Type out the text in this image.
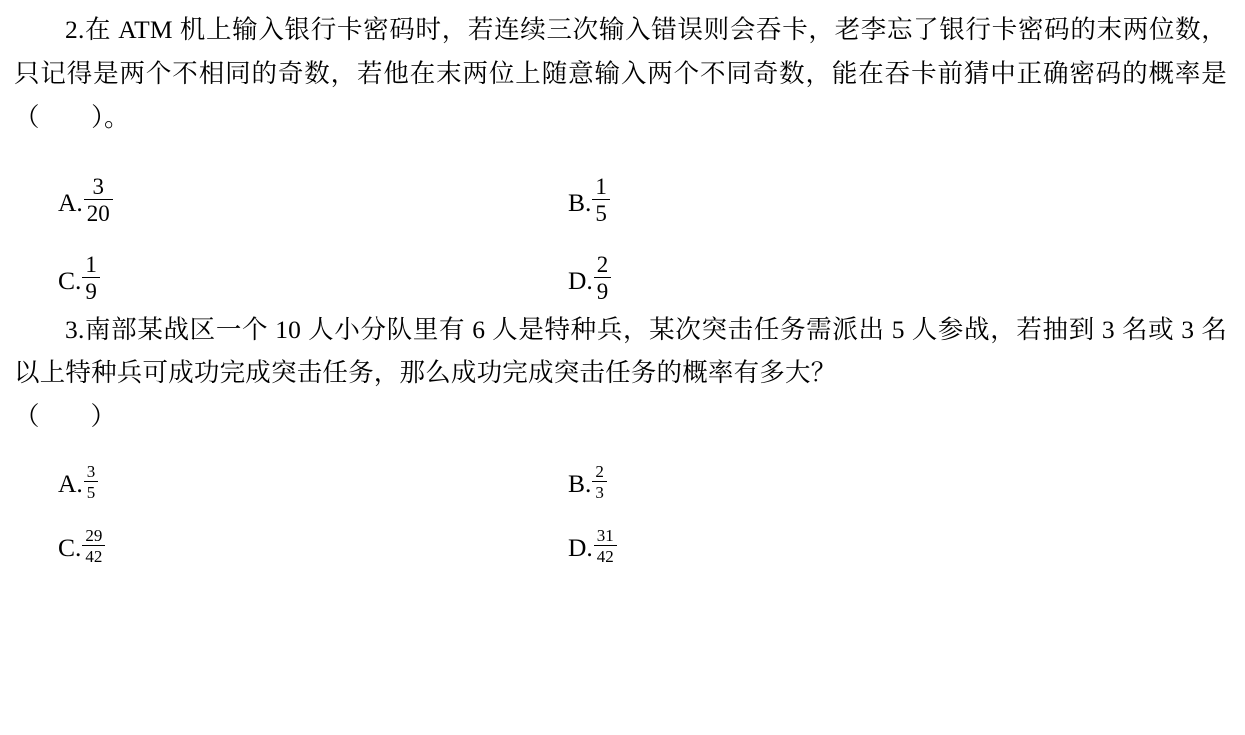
2.在 ATM 机上输入银行卡密码时，若连续三次输入错误则会吞卡，老李忘了银行卡密码的末两位数，只记得是两个不相同的奇数，若他在末两位上随意输入两个不同奇数，能在吞卡前猜中正确密码的概率是（　　）。
A. $\frac{3}{20}$	B. $\frac{1}{5}$
C. $\frac{1}{9}$	D. $\frac{2}{9}$
3.南部某战区一个 10 人小分队里有 6 人是特种兵，某次突击任务需派出 5 人参战，若抽到 3 名或 3 名以上特种兵可成功完成突击任务，那么成功完成突击任务的概率有多大？
（　　）
A. $\frac{3}{5}$	B. $\frac{2}{3}$
C. $\frac{29}{42}$	D. $\frac{31}{42}$
